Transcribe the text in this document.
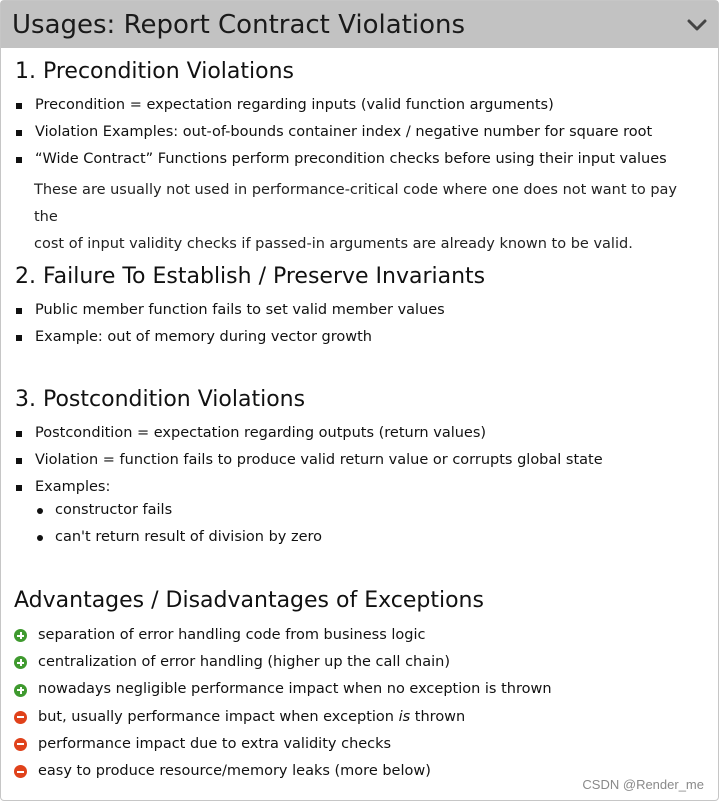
Usages: Report Contract Violations
1. Precondition Violations
Precondition = expectation regarding inputs (valid function arguments)
Violation Examples: out-of-bounds container index / negative number for square root
“Wide Contract” Functions perform precondition checks before using their input values
These are usually not used in performance-critical code where one does not want to pay the
cost of input validity checks if passed-in arguments are already known to be valid.
2. Failure To Establish / Preserve Invariants
Public member function fails to set valid member values
Example: out of memory during vector growth
3. Postcondition Violations
Postcondition = expectation regarding outputs (return values)
Violation = function fails to produce valid return value or corrupts global state
Examples:
constructor fails
can't return result of division by zero
Advantages / Disadvantages of Exceptions
separation of error handling code from business logic
centralization of error handling (higher up the call chain)
nowadays negligible performance impact when no exception is thrown
but, usually performance impact when exception is thrown
performance impact due to extra validity checks
easy to produce resource/memory leaks (more below)
CSDN @Render_me
